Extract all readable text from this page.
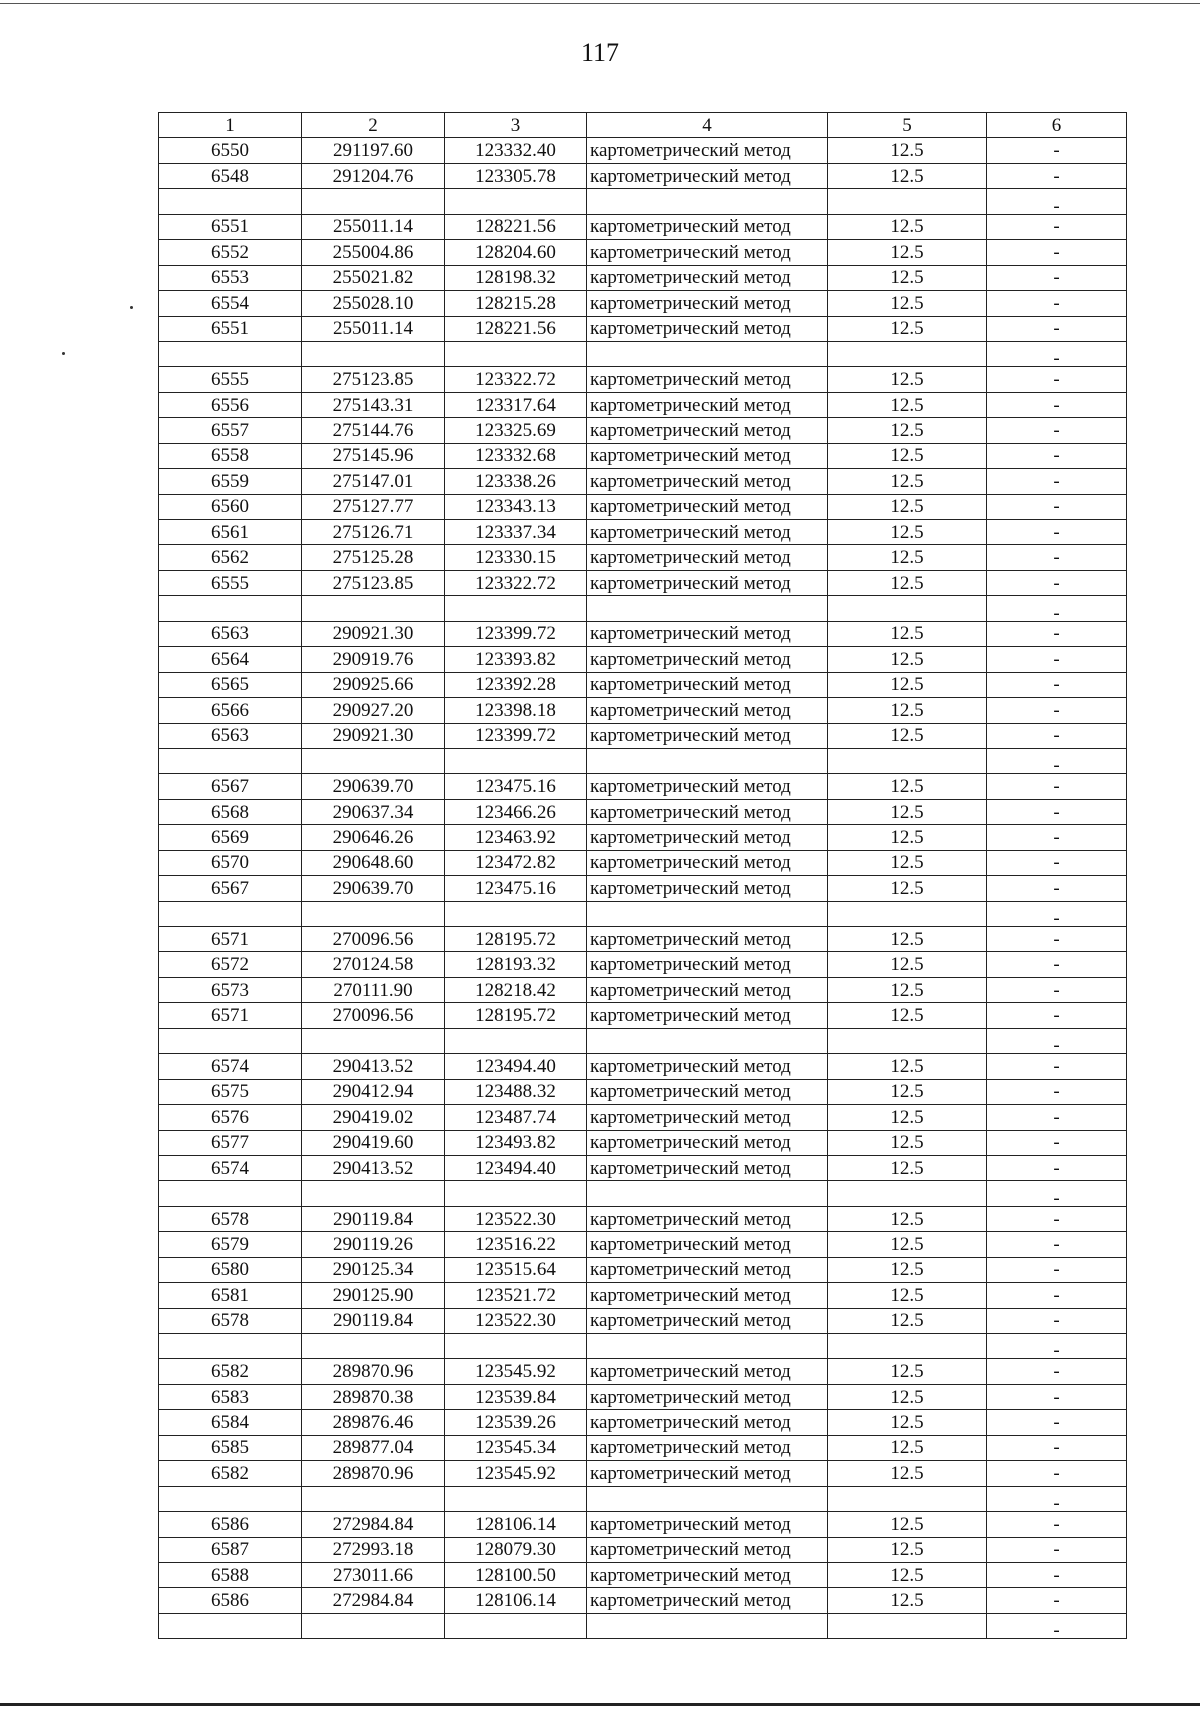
117
1	2	3	4	5	6
6550	291197.60	123332.40	картометрический метод	12.5	-
6548	291204.76	123305.78	картометрический метод	12.5	-
					-
6551	255011.14	128221.56	картометрический метод	12.5	-
6552	255004.86	128204.60	картометрический метод	12.5	-
6553	255021.82	128198.32	картометрический метод	12.5	-
6554	255028.10	128215.28	картометрический метод	12.5	-
6551	255011.14	128221.56	картометрический метод	12.5	-
					-
6555	275123.85	123322.72	картометрический метод	12.5	-
6556	275143.31	123317.64	картометрический метод	12.5	-
6557	275144.76	123325.69	картометрический метод	12.5	-
6558	275145.96	123332.68	картометрический метод	12.5	-
6559	275147.01	123338.26	картометрический метод	12.5	-
6560	275127.77	123343.13	картометрический метод	12.5	-
6561	275126.71	123337.34	картометрический метод	12.5	-
6562	275125.28	123330.15	картометрический метод	12.5	-
6555	275123.85	123322.72	картометрический метод	12.5	-
					-
6563	290921.30	123399.72	картометрический метод	12.5	-
6564	290919.76	123393.82	картометрический метод	12.5	-
6565	290925.66	123392.28	картометрический метод	12.5	-
6566	290927.20	123398.18	картометрический метод	12.5	-
6563	290921.30	123399.72	картометрический метод	12.5	-
					-
6567	290639.70	123475.16	картометрический метод	12.5	-
6568	290637.34	123466.26	картометрический метод	12.5	-
6569	290646.26	123463.92	картометрический метод	12.5	-
6570	290648.60	123472.82	картометрический метод	12.5	-
6567	290639.70	123475.16	картометрический метод	12.5	-
					-
6571	270096.56	128195.72	картометрический метод	12.5	-
6572	270124.58	128193.32	картометрический метод	12.5	-
6573	270111.90	128218.42	картометрический метод	12.5	-
6571	270096.56	128195.72	картометрический метод	12.5	-
					-
6574	290413.52	123494.40	картометрический метод	12.5	-
6575	290412.94	123488.32	картометрический метод	12.5	-
6576	290419.02	123487.74	картометрический метод	12.5	-
6577	290419.60	123493.82	картометрический метод	12.5	-
6574	290413.52	123494.40	картометрический метод	12.5	-
					-
6578	290119.84	123522.30	картометрический метод	12.5	-
6579	290119.26	123516.22	картометрический метод	12.5	-
6580	290125.34	123515.64	картометрический метод	12.5	-
6581	290125.90	123521.72	картометрический метод	12.5	-
6578	290119.84	123522.30	картометрический метод	12.5	-
					-
6582	289870.96	123545.92	картометрический метод	12.5	-
6583	289870.38	123539.84	картометрический метод	12.5	-
6584	289876.46	123539.26	картометрический метод	12.5	-
6585	289877.04	123545.34	картометрический метод	12.5	-
6582	289870.96	123545.92	картометрический метод	12.5	-
					-
6586	272984.84	128106.14	картометрический метод	12.5	-
6587	272993.18	128079.30	картометрический метод	12.5	-
6588	273011.66	128100.50	картометрический метод	12.5	-
6586	272984.84	128106.14	картометрический метод	12.5	-
					-
